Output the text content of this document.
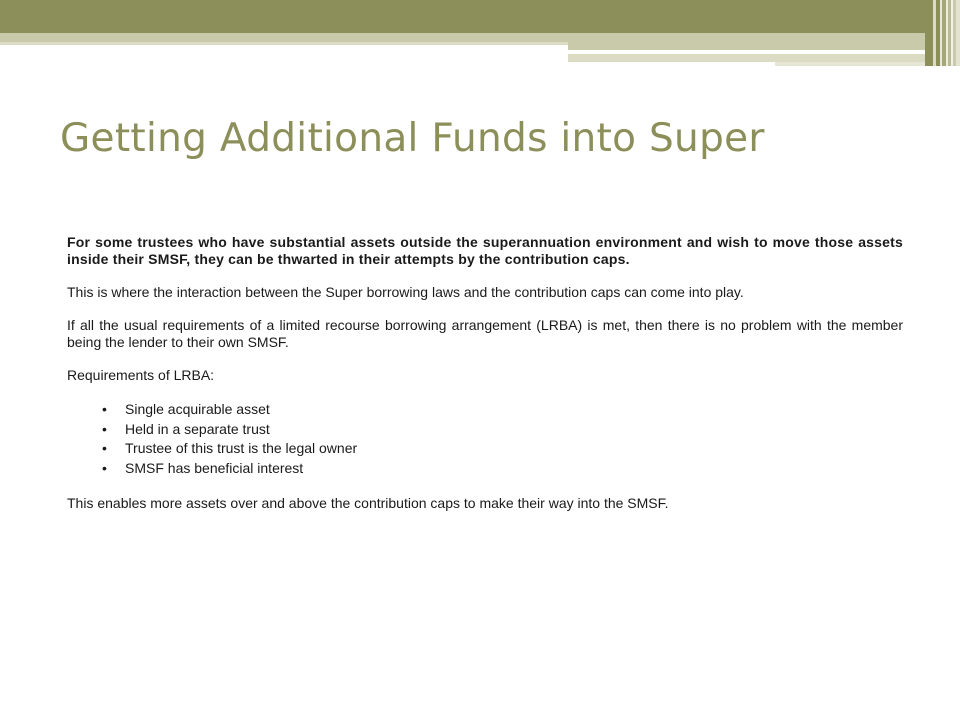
Getting Additional Funds into Super

For some trustees who have substantial assets outside the superannuation environment and wish to move those assets inside their SMSF, they can be thwarted in their attempts by the contribution caps.

This is where the interaction between the Super borrowing laws and the contribution caps can come into play.

If all the usual requirements of a limited recourse borrowing arrangement (LRBA) is met, then there is no problem with the member being the lender to their own SMSF.

Requirements of LRBA:

• Single acquirable asset
• Held in a separate trust
• Trustee of this trust is the legal owner
• SMSF has beneficial interest

This enables more assets over and above the contribution caps to make their way into the SMSF.
